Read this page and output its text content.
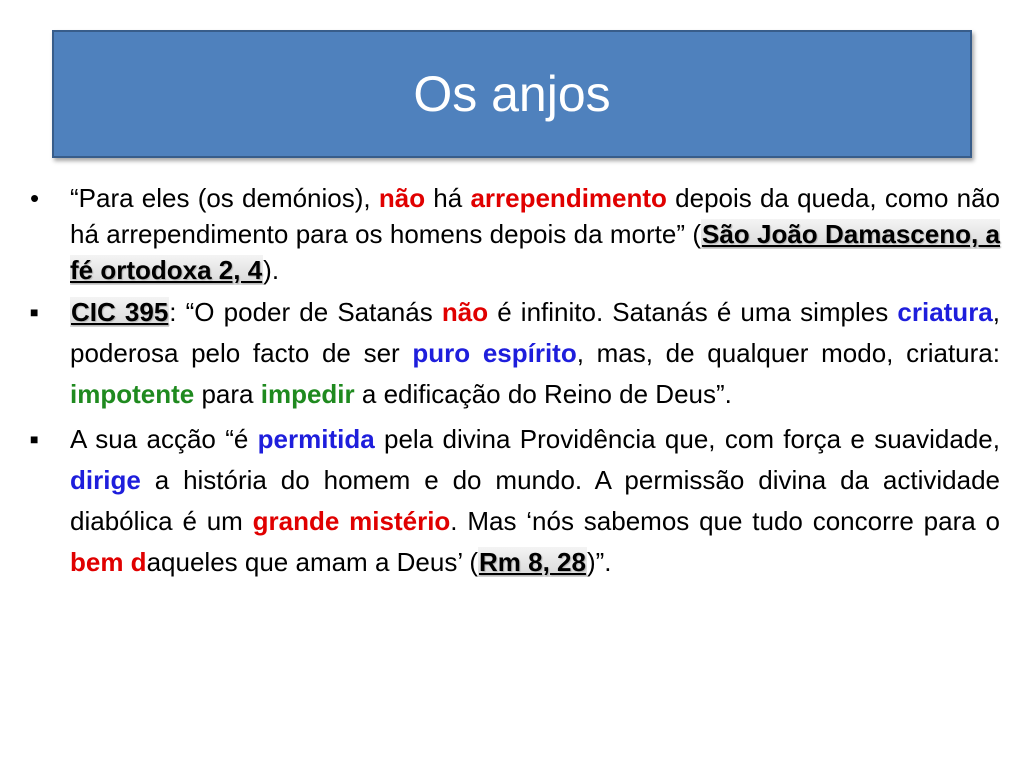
Os anjos
•	“Para eles (os demónios), não há arrependimento depois da queda, como não há arrependimento para os homens depois da morte” (São João Damasceno, a fé ortodoxa 2, 4).
■	CIC 395: “O poder de Satanás não é infinito. Satanás é uma simples criatura, poderosa pelo facto de ser puro espírito, mas, de qualquer modo, criatura: impotente para impedir a edificação do Reino de Deus”.
■	A sua acção “é permitida pela divina Providência que, com força e suavidade, dirige a história do homem e do mundo. A permissão divina da actividade diabólica é um grande mistério. Mas ‘nós sabemos que tudo concorre para o bem daqueles que amam a Deus’ (Rm 8, 28)”.
